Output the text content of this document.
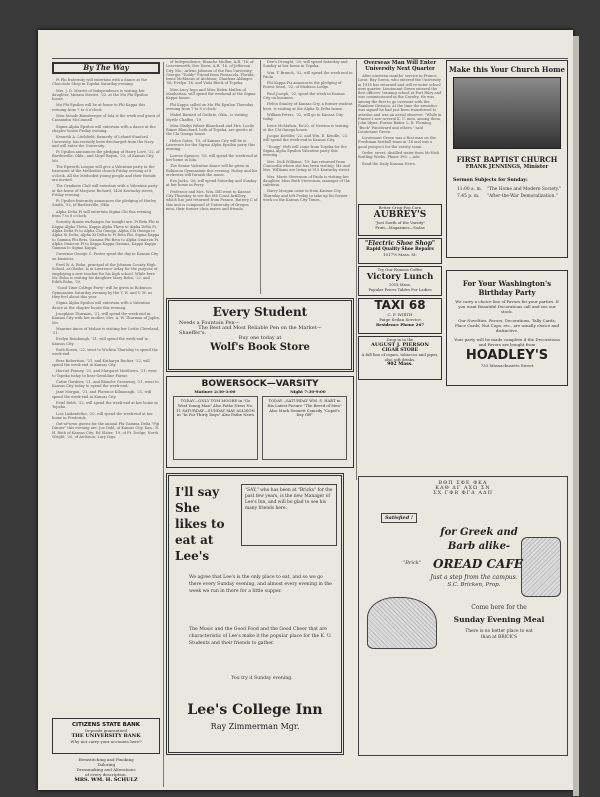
By The Way

Pi Phi fraternity will entertain with a dance at the Chocolate Shop in Topeka Saturday evening.

Mrs. J. D. Merritt of Independence is visiting her daughter, Miriam Merritt, '22, at the Mu Phi Epsilon house.

Mu Phi Epsilon will be at home to Phi Kappa this evening from 7 to 8 o'clock.

Miss Maude Bamsberger of Iola is the week end guest of Cassandra McConnell.

Sigma Alpha Epsilon will entertain with a dance at the chapter house Friday evening.

Kenneth A. Litchfield, formerly of Leland-Stanford University, has recently been discharged from the Navy and will enter the University.

Pi Upsilon announces the pledging of Harry Love, '22, of Bartlesville, Okla., and Lloyd Rayon, '22, of Kansas City, Mo.

The Epworth League will give a Valentine party in the basement of the Methodist church Friday evening at 8 o'clock. All the Methodist young people and their friends are invited.

The Graduate Club will entertain with a Valentine party at the home of Marjorie Richard, 1426 Kentucky street, Friday evening.

Pi Upsilon fraternity announces the pledging of Harley Smith, '22, of Bartlesville, Okla.

Alpha Delta Pi will entertain Sigma Chi this evening from 7 to 8 o'clock.

Sorority dinner exchanges for tonight are: Pi Beta Phi to Kappa Alpha Theta, Kappa Alpha Theta to Alpha Delta Pi, Alpha Delta Pi to Alpha Chi Omega, Alpha Chi Omega to Alpha Xi Delta, Alpha Xi Delta to Pi Beta Phi, Sigma Kappa to Gamma Phi Beta, Gamma Phi Beta to Alpha Omicron Pi, Alpha Omicron Pi to Kappa Kappa Gamma, Kappa Kappa Gamma to Sigma Kappa.

Governor George C. Foster spent the day in Kansas City on business.

Fred W. A. Bohn, principal of the Johnson County High School, at Olathe, is in Lawrence today for the purpose of employing a new teacher for his high school. While here Mr. Bohn is visiting his daughter Mary Bohn, '22, and Edith Bohn, '20.

"Good Time College Party" will be given in Robinson Gymnasium Saturday evening by the Y. W. and Y. M. as they feel about this year.

Sigma Alpha Epsilon will entertain with a Valentine dance at the chapter house this evening.

Josephine Thurman, '21, will spend the week-end in Kansas City with her mother, Mrs. A. W. Thurman of Joplin, Mo.

Maurine Amos of Moline is visiting her Leslie Cleveland, '21.

Evelyn Reinbaugh, '21, will spend the week-end in Kansas City.

Ruth Rosen, '22, went to Wichita Thursday to spend the week-end.

Bess Robertson, '21, and Katharyn Rucker, '22, will spend the week-end in Kansas City.

Harriet Penney, '21, and Margaret Matthews, '21, went to Topeka today to hear Geraldine Farrar.

Cattie Gardner, '21, and Blanche Greenway, '21, went to Kansas City today to spend the week-end.

Jane Morgan, '21, and Florence Kilmanagh, '21, will spend the week-end in Kansas City.

Estel Robb, '22, will spend the week-end at her home in Topeka.

Lois Linkenfelter, '20, will spend the week-end at her home in Frederick.

Out-of-town guests for the annual Phi Gamma Delta "Fiji Dinner" this evening are: Joe Dahl, of Kansas City, Kan.; R. H. Roth of Kansas City; Ed Slater, '19, of Ft. Dodge; North Wright, '20, of Atchison; Lacy Ingo.

CITIZENS STATE BANK
Deposits guaranteed
THE UNIVERSITY BANK
Why not carry your accounts here?
Hemstitching and Pinoking
Tailoring
Dressmaking and Alterations
of every description.
MRS. WM. H. SCHULZ

of Independence; Blanche Mullen, A.B. '16, of Leavenworth; Dee Davis, A.B. '16, of Jefferson City, Mo.; Arlene Johnson of the Pan University; Georgie "Toddy" Friend from Pensacola, Florida; Irene McManus of Atchison; Charlene Aldinger '06; Evelyn '16, and Viola Rieck of Topeka.

Miss Lucy Ingo and Miss Helen Mullen of Manhattan, will spend the weekend at the Sigma Kappa house.

Phi Kappa called on Mu Phi Epsilon Thursday evening from 7 to 8 o'clock.

Mabel Barnett of Guthrie, Okla., is visiting Myrtle Chaffee, '19.

Miss Gladys Ritner Blanchard and Mrs. Lucile Rimer Blanchard, both of Topeka, are guests at the Chi Omega house.

Helen Gates, '19, of Kansas City will be in Lawrence for the Sigma Alpha Epsilon party this evening.

Lorene Spencer, '16, will spend the week-end at her home in Iola.

The Senior Valentine dance will be given in Robinson Gymnasium this evening. Hobey and his orchestra will furnish the music.

Eva Jacks, '26, will spend Saturday and Sunday at her home in Perry.

Professor and Mrs. Wm. Dill went to Kansas City Thursday to see the 6th Coast Artillery, which has just returned from France. Battery C of this unit is composed of University of Oregon men, their former class mates and friends.

Dee's Drought, '20, will spend Saturday and Sunday at her home in Topeka.

Wm. T. Branch, '22, will spend the week end in Paola.

Phi Kappa Psi announces the pledging of Forest Searl, '22, of Madison Lodge.

Paul Joseph, '22, spent the week in Kansas City on business.

Helen Stanley of Kansas City, a former student here, is visiting at the Alpha Xi Delta house.

William Peters, '22, will go to Kansas City today.

Irene McMahon, Ex'20, of Newton is visiting at the Chi Omega house.

Jocque Keebler, '22, and Wm. E. Kendle, '22, will spend the week-end in Kansas City.

"Doogy" Holt will come from Topeka for the Sigma Alpha Epsilon Valentine party this evening.

Mrs. Dick Williams, '19, has returned from Concordia where she has been visiting. Mr. and Mrs. Williams are living at 915 Kentucky street.

Mrs. Marie Stevenson of Paola is visiting her daughter, Miss Ruth Stevenson, manager of the cafeteria.

Harry Morgan came in from Kansas City Thursday and left Friday to take up his former work on the Kansas City Times.

Every Student
Needs a Fountain Pen—
The Best and Most Reliable Pen on the Market—
Shaeffer's.
Buy one today at
Wolf's Book Store
BOWERSOCK—VARSITY
Matinee 2:30-3:00	Night 7:30-9:00
TODAY—ONLY TOM MOORE in "Go West Young Man" Also Pathe News No. 11 SATURDAY—SUNDAY MAY ALLISON in "In For Thirty Days" Also Pathe News
TODAY—SATURDAY WM. S. HART in His Latest Picture "The Breed of Men" Also Mack Sennett Comedy "Cupid's Day Off"
I'll say She likes to eat at Lee's
"SAY," who has been at "Bricks" for the past few years, is the new Manager of Lee's Inn, and will be glad to see his many friends here.
We agree that Lee's is the only place to eat, and so we go there every Sunday evening, and almost every evening in the week we run in there for a little supper.
The Music and the Good Food and the Good Cheer that are characteristic of Lee's make it the popular place for the K. U. Students and their friends to gather.
You try it Sunday evening.
Lee's College Inn
Ray Zimmerman Mgr.
Overseas Man Will Enter
University Next Quarter

After nineteen months' service in France, Lieut. Bay Green, who entered the University in 1916 has returned and will re-enter school next quarter. Lieutenant Green entered the first officers' training school at Fort Riley and was commissioned in the Cavalry. He was among the first to go overseas with the Rainbow Division. At the time the armistice was signed he had just been transferred to aviation and was an aerial observer. "While in France I saw several K. U. men, among them, John Idyne, Fuston Baker, L. B. Fleming, "Buck" Woodward and others," said Lieutenant Green.

Lieutenant Green was a first man on the Freshman football team in '16 and was a good prospect for the varsity team.

Order, sweet, distilled water from McNish Bottling Works. Phone 390. —Adv.

Read the Daily Kansan News.

Better Crisp Pop Corn
AUBREY'S
"Just South of the Varsity"
Fruit—Magazines—Sodas
"Electric Shoe Shop"
Rapid Quality Shoe Repairs
1017½ Mass. St.
Try Our Famous Coffee
Victory Lunch
1018 Mass.
Popular Prices Tables For Ladies
TAXI 68
C. F. WIRTH
Paige Sedan Service
Residence Phone 267
Drop in to the
AUGUST J. PIERSON
CIGAR STORE
A full line of cigars, tobaccos and pipes, also soft drinks.
902 Mass.
Make this Your Church Home
FIRST BAPTIST CHURCH
FRANK JENNINGS, Minister
Sermon Subjects for Sunday:
11:00 a. m.	"The Home and Modern Society."
7:45 p. m.	"After-the-War Demoralization."
For Your Washington's
Birthday Party
We carry a choice line of Favors for your parties. If you want Beautiful Decorations call and see our stock.
Our Novelties, Favors, Decorations, Tally Cards, Place Cards, Nut Cups, etc., are usually choice and distinctive.
Your party will be made complete if the Decorations and Favors are bought from
HOADLEY'S
733 Massachusetts Street
ΒΘΠ ΣΦΕ ΦΚΑ
ΚΑΘ ΔΓ ΑΧΩ ΣΝ
ΣΧ ΓΦΒ ΦΓΔ ΑΔΠ
Satisfied !
for Greek and
Barb alike-
"Brick" OREAD CAFE
Just a step from the campus.
S.C. Bricken, Prop.
Come here for the
Sunday Evening Meal
There is no better place to eat
than at BRICK'S
